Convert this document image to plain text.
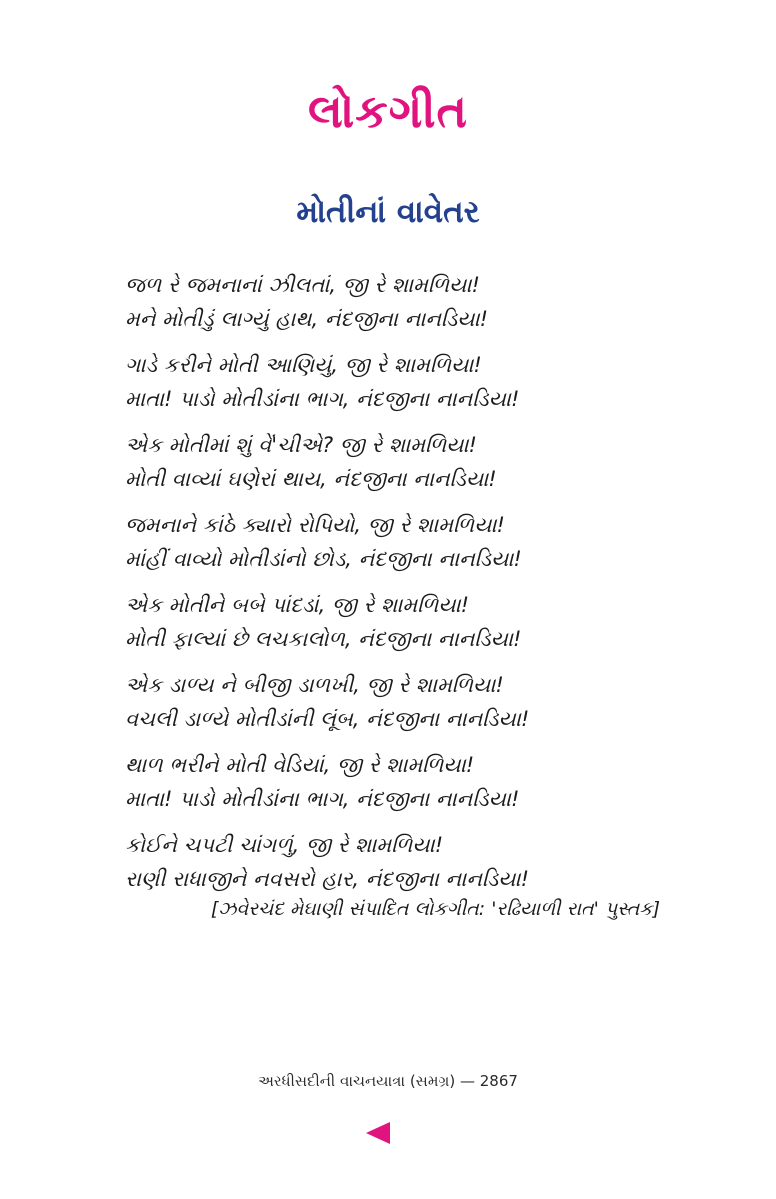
લોકગીત
મોતીનાં વાવેતર

જળ રે જમનાનાં ઝીલતાં, જી રે શામળિયા!

મને મોતીડું લાગ્યું હાથ, નંદજીના નાનડિયા!

ગાડે કરીને મોતી આણિયું, જી રે શામળિયા!

માતા! પાડો મોતીડાંના ભાગ, નંદજીના નાનડિયા!

એક મોતીમાં શું વેં'ચીએ? જી રે શામળિયા!

મોતી વાવ્યાં ઘણેરાં થાય, નંદજીના નાનડિયા!

જમનાને કાંઠે ક્યારો રોપિયો, જી રે શામળિયા!

માંહીં વાવ્યો મોતીડાંનો છોડ, નંદજીના નાનડિયા!

એક મોતીને બબે પાંદડાં, જી રે શામળિયા!

મોતી ફાલ્યાં છે લચકાલોળ, નંદજીના નાનડિયા!

એક ડાળ્ય ને બીજી ડાળખી, જી રે શામળિયા!

વચલી ડાળ્યે મોતીડાંની લૂંબ, નંદજીના નાનડિયા!

થાળ ભરીને મોતી વેડિયાં, જી રે શામળિયા!

માતા! પાડો મોતીડાંના ભાગ, નંદજીના નાનડિયા!

કોઈને ચપટી ચાંગળું, જી રે શામળિયા!

રાણી રાધાજીને નવસરો હાર, નંદજીના નાનડિયા!

[ઝવેરચંદ મેઘાણી સંપાદિત લોકગીત: 'રઢિયાળી રાત' પુસ્તક]
અરધીસદીની વાચનયાત્રા (સમગ્ર) — 2867
